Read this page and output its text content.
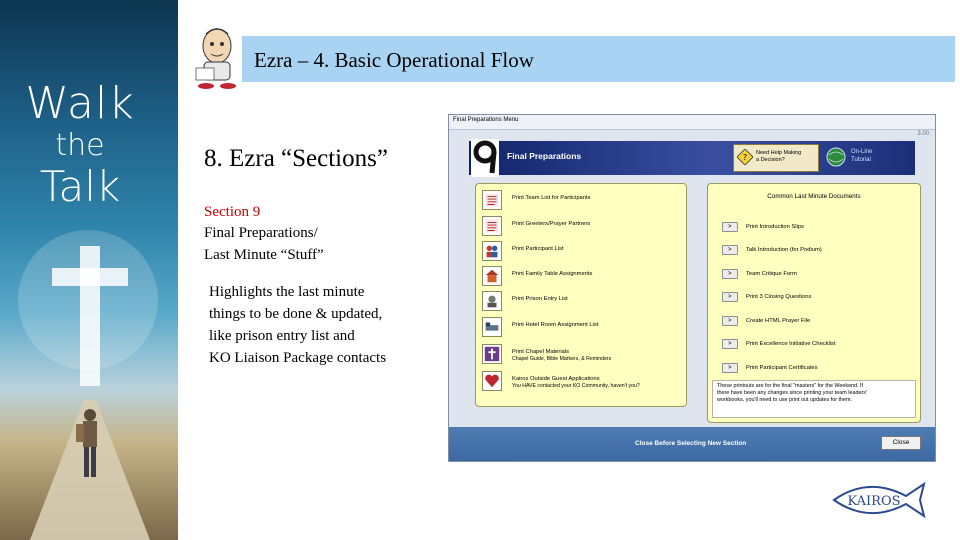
Walk
the
Talk
Ezra – 4. Basic Operational Flow
8. Ezra “Sections”
Section 9
Final Preparations/
Last Minute “Stuff”
Highlights the last minute
things to be done & updated,
like prison entry list and
KO Liaison Package contacts
Final Preparations Menu
3.00
Final Preparations	? Need Help Making
a Decision?
On-Line
Tutorial
Print Team List for Participants
Print Greeters/Prayer Partners
Print Participant List
Print Family Table Assignments
Print Prison Entry List
Print Hotel Room Assignment List
Print Chapel Materials
Chapel Guide, Bible Markers, & Reminders
Kairos Outside Guest Applications
You HAVE contacted your KO Community, haven't you?
Common Last Minute Documents
> Print Introduction Slips
> Talk Introduction (for Podium)
> Team Critique Form
> Print 3 Closing Questions
> Create HTML Prayer File
> Print Excellence Initiative Checklist
> Print Participant Certificates
These printouts are for the final "masters" for the Weekend. If
there have been any changes since printing your team leaders'
workbooks, you'll need to use print out updates for them.
Close Before Selecting New Section	Close
KAIROS
